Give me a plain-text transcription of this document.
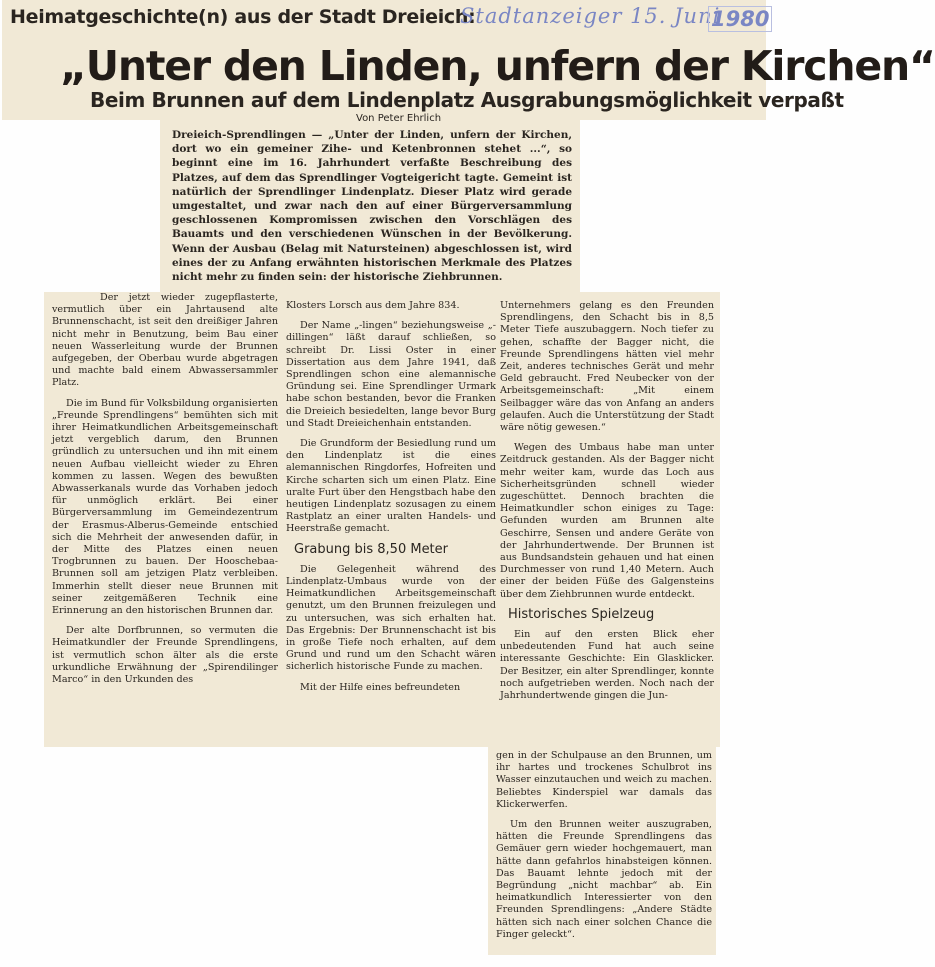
Heimatgeschichte(n) aus der Stadt Dreieich:
Stadtanzeiger 15. Juni
1980
„Unter den Linden, unfern der Kirchen“
Beim Brunnen auf dem Lindenplatz Ausgrabungsmöglichkeit verpaßt
Von Peter Ehrlich
Dreieich-Sprendlingen — „Unter der Linden, unfern der Kirchen, dort wo ein gemeiner Zihe- und Ketenbronnen stehet ...“, so beginnt eine im 16. Jahrhundert verfaßte Beschreibung des Platzes, auf dem das Sprendlinger Vogteigericht tagte. Gemeint ist natürlich der Sprendlinger Lindenplatz. Dieser Platz wird gerade umgestaltet, und zwar nach den auf einer Bürgerversammlung geschlossenen Kompromissen zwischen den Vorschlägen des Bauamts und den verschiedenen Wünschen in der Bevölkerung. Wenn der Ausbau (Belag mit Natursteinen) abgeschlossen ist, wird eines der zu Anfang erwähnten historischen Merkmale des Platzes nicht mehr zu finden sein: der historische Ziehbrunnen.

Der jetzt wieder zugepflasterte, vermutlich über ein Jahrtausend alte Brunnenschacht, ist seit den dreißiger Jahren nicht mehr in Benutzung, beim Bau einer neuen Wasserleitung wurde der Brunnen aufgegeben, der Oberbau wurde abgetragen und machte bald einem Abwassersammler Platz.

Die im Bund für Volksbildung organisierten „Freunde Sprendlingens“ bemühten sich mit ihrer Heimatkundlichen Arbeitsgemeinschaft jetzt vergeblich darum, den Brunnen gründlich zu untersuchen und ihn mit einem neuen Aufbau vielleicht wieder zu Ehren kommen zu lassen. Wegen des bewußten Abwasserkanals wurde das Vorhaben jedoch für unmöglich erklärt. Bei einer Bürgerversammlung im Gemeindezentrum der Erasmus-Alberus-Gemeinde entschied sich die Mehrheit der anwesenden dafür, in der Mitte des Platzes einen neuen Trogbrunnen zu bauen. Der Hooschebaa-Brunnen soll am jetzigen Platz verbleiben. Immerhin stellt dieser neue Brunnen mit seiner zeitgemäßeren Technik eine Erinnerung an den historischen Brunnen dar.

Der alte Dorfbrunnen, so vermuten die Heimatkundler der Freunde Sprendlingens, ist vermutlich schon älter als die erste urkundliche Erwähnung der „Spirendilinger Marco“ in den Urkunden des

Klosters Lorsch aus dem Jahre 834.

Der Name „-lingen“ beziehungsweise „-dillingen“ läßt darauf schließen, so schreibt Dr. Lissi Oster in einer Dissertation aus dem Jahre 1941, daß Sprendlingen schon eine alemannische Gründung sei. Eine Sprendlinger Urmark habe schon bestanden, bevor die Franken die Dreieich besiedelten, lange bevor Burg und Stadt Dreieichenhain entstanden.

Die Grundform der Besiedlung rund um den Lindenplatz ist die eines alemannischen Ringdorfes, Hofreiten und Kirche scharten sich um einen Platz. Eine uralte Furt über den Hengstbach habe den heutigen Lindenplatz sozusagen zu einem Rastplatz an einer uralten Handels- und Heerstraße gemacht.

Grabung bis 8,50 Meter

Die Gelegenheit während des Lindenplatz-Umbaus wurde von der Heimatkundlichen Arbeitsgemeinschaft genutzt, um den Brunnen freizulegen und zu untersuchen, was sich erhalten hat. Das Ergebnis: Der Brunnenschacht ist bis in große Tiefe noch erhalten, auf dem Grund und rund um den Schacht wären sicherlich historische Funde zu machen.

Mit der Hilfe eines befreundeten

Unternehmers gelang es den Freunden Sprendlingens, den Schacht bis in 8,5 Meter Tiefe auszubaggern. Noch tiefer zu gehen, schaffte der Bagger nicht, die Freunde Sprendlingens hätten viel mehr Zeit, anderes technisches Gerät und mehr Geld gebraucht. Fred Neubecker von der Arbeitsgemeinschaft: „Mit einem Seilbagger wäre das von Anfang an anders gelaufen. Auch die Unterstützung der Stadt wäre nötig gewesen.“

Wegen des Umbaus habe man unter Zeitdruck gestanden. Als der Bagger nicht mehr weiter kam, wurde das Loch aus Sicherheitsgründen schnell wieder zugeschüttet. Dennoch brachten die Heimatkundler schon einiges zu Tage: Gefunden wurden am Brunnen alte Geschirre, Sensen und andere Geräte von der Jahrhundertwende. Der Brunnen ist aus Bundsandstein gehauen und hat einen Durchmesser von rund 1,40 Metern. Auch einer der beiden Füße des Galgensteins über dem Ziehbrunnen wurde entdeckt.

Historisches Spielzeug

Ein auf den ersten Blick eher unbedeutenden Fund hat auch seine interessante Geschichte: Ein Glasklicker. Der Besitzer, ein alter Sprendlinger, konnte noch aufgetrieben werden. Noch nach der Jahrhundertwende gingen die Jun-

gen in der Schulpause an den Brunnen, um ihr hartes und trockenes Schulbrot ins Wasser einzutauchen und weich zu machen. Beliebtes Kinderspiel war damals das Klickerwerfen.

Um den Brunnen weiter auszugraben, hätten die Freunde Sprendlingens das Gemäuer gern wieder hochgemauert, man hätte dann gefahrlos hinabsteigen können. Das Bauamt lehnte jedoch mit der Begründung „nicht machbar“ ab. Ein heimatkundlich Interessierter von den Freunden Sprendlingens: „Andere Städte hätten sich nach einer solchen Chance die Finger geleckt“.
